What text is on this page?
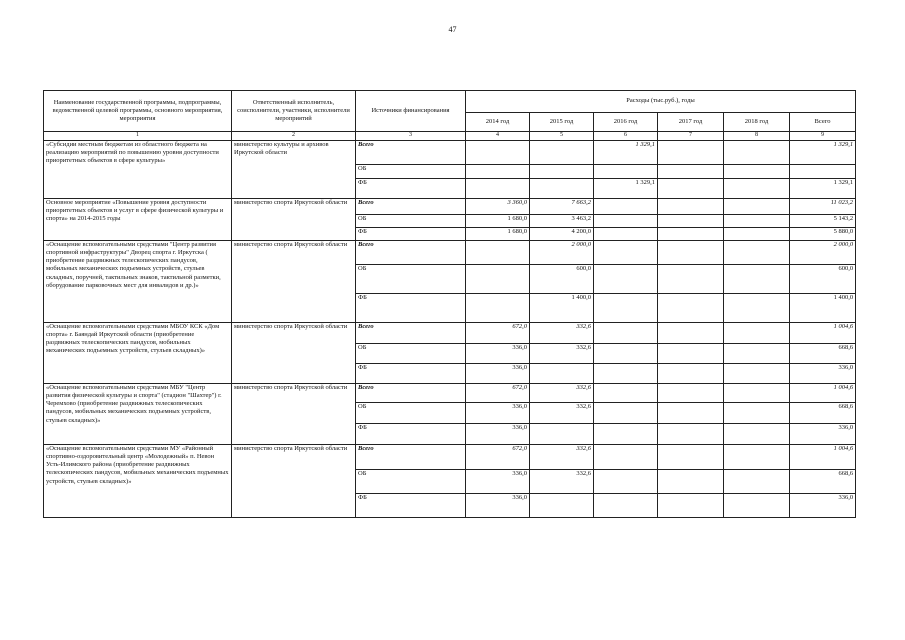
47
Наименование государственной программы, подпрограммы, ведомственной целевой программы, основного мероприятия, мероприятия	Ответственный исполнитель, соисполнители, участники, исполнители мероприятий	Источники финансирования	Расходы (тыс.руб.), годы					
			2014 год	2015 год	2016 год	2017 год	2018 год	Всего
1	2	3	4	5	6	7	8	9
«Субсидии местным бюджетам из областного бюджета на реализацию мероприятий по повышению уровня доступности приоритетных объектов в сфере культуры»	министерство культуры и архивов Иркутской области	Всего			1 329,1			1 329,1
		ОБ						
		ФБ			1 329,1			1 329,1
Основное мероприятие «Повышение уровня доступности приоритетных объектов и услуг в сфере физической культуры и спорта» на 2014-2015 годы	министерство спорта Иркутской области	Всего	3 360,0	7 663,2				11 023,2
		ОБ	1 680,0	3 463,2				5 143,2
		ФБ	1 680,0	4 200,0				5 880,0
«Оснащение вспомогательными средствами "Центр развития спортивной инфраструктуры" Дворец спорта г. Иркутска ( приобретение раздвижных телескопических пандусов, мобильных механических подъемных устройств, стульев складных, поручней, тактильных знаков, тактильной разметки, оборудование парковочных мест для инвалидов и др.)»	министерство спорта Иркутской области	Всего		2 000,0				2 000,0
		ОБ		600,0				600,0
		ФБ		1 400,0				1 400,0
«Оснащение вспомогательными средствами МБОУ КСК «Дом спорта» г. Баяндай Иркутской области (приобретение раздвижных телескопических пандусов, мобильных механических подъемных устройств, стульев складных)»	министерство спорта Иркутской области	Всего	672,0	332,6				1 004,6
		ОБ	336,0	332,6				668,6
		ФБ	336,0					336,0
«Оснащение вспомогательными средствами МБУ "Центр развития физической культуры и спорта" (стадион "Шахтер") г. Черемхово (приобретение раздвижных телескопических пандусов, мобильных механических подъемных устройств, стульев складных)»	министерство спорта Иркутской области	Всего	672,0	332,6				1 004,6
		ОБ	336,0	332,6				668,6
		ФБ	336,0					336,0
«Оснащение вспомогательными средствами МУ «Районный спортивно-оздоровительный центр «Молодежный» п. Невон Усть-Илимского района (приобретение раздвижных телескопических пандусов, мобильных механических подъемных устройств, стульев складных)»	министерство спорта Иркутской области	Всего	672,0	332,6				1 004,6
		ОБ	336,0	332,6				668,6
		ФБ	336,0					336,0
